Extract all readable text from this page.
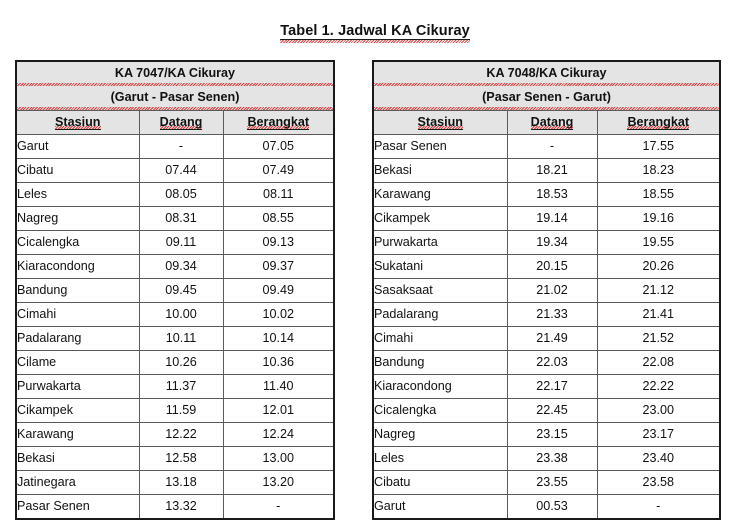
Tabel 1. Jadwal KA Cikuray
KA 7047/KA Cikuray
(Garut - Pasar Senen)		

Stasiun	Datang	Berangkat
Garut	-	07.05
Cibatu	07.44	07.49
Leles	08.05	08.11
Nagreg	08.31	08.55
Cicalengka	09.11	09.13
Kiaracondong	09.34	09.37
Bandung	09.45	09.49
Cimahi	10.00	10.02
Padalarang	10.11	10.14
Cilame	10.26	10.36
Purwakarta	11.37	11.40
Cikampek	11.59	12.01
Karawang	12.22	12.24
Bekasi	12.58	13.00
Jatinegara	13.18	13.20
Pasar Senen	13.32	-
KA 7048/KA Cikuray
(Pasar Senen - Garut)		

Stasiun	Datang	Berangkat
Pasar Senen	-	17.55
Bekasi	18.21	18.23
Karawang	18.53	18.55
Cikampek	19.14	19.16
Purwakarta	19.34	19.55
Sukatani	20.15	20.26
Sasaksaat	21.02	21.12
Padalarang	21.33	21.41
Cimahi	21.49	21.52
Bandung	22.03	22.08
Kiaracondong	22.17	22.22
Cicalengka	22.45	23.00
Nagreg	23.15	23.17
Leles	23.38	23.40
Cibatu	23.55	23.58
Garut	00.53	-
